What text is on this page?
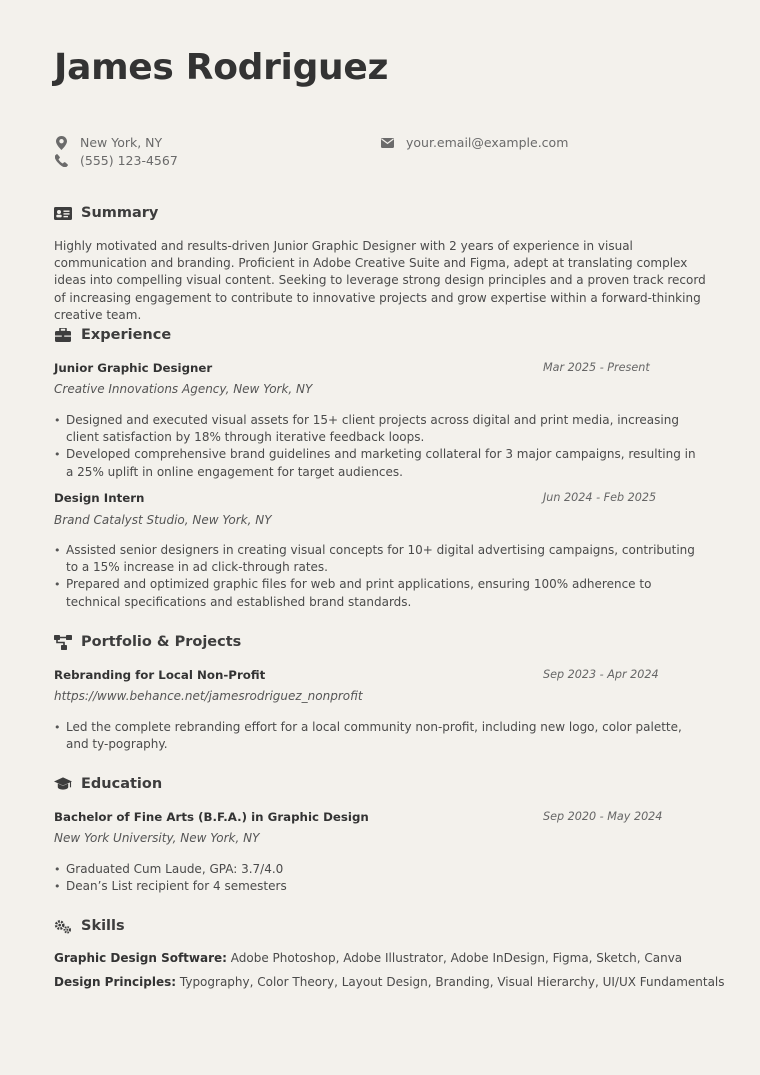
James Rodriguez
New York, NY
(555) 123-4567
your.email@example.com
Summary
Highly motivated and results-driven Junior Graphic Designer with 2 years of experience in visual communication and branding. Proficient in Adobe Creative Suite and Figma, adept at translating complex ideas into compelling visual content. Seeking to leverage strong design principles and a proven track record of increasing engagement to contribute to innovative projects and grow expertise within a forward-thinking creative team.
Experience
Junior Graphic Designer	Mar 2025 - Present
Creative Innovations Agency, New York, NY
• Designed and executed visual assets for 15+ client projects across digital and print media, increasing client satisfaction by 18% through iterative feedback loops.
• Developed comprehensive brand guidelines and marketing collateral for 3 major campaigns, resulting in a 25% uplift in online engagement for target audiences.
Design Intern	Jun 2024 - Feb 2025
Brand Catalyst Studio, New York, NY
• Assisted senior designers in creating visual concepts for 10+ digital advertising campaigns, contributing to a 15% increase in ad click-through rates.
• Prepared and optimized graphic files for web and print applications, ensuring 100% adherence to technical specifications and established brand standards.
Portfolio & Projects
Rebranding for Local Non-Profit	Sep 2023 - Apr 2024
https://www.behance.net/jamesrodriguez_nonprofit
• Led the complete rebranding effort for a local community non-profit, including new logo, color palette, and ty-pography.
Education
Bachelor of Fine Arts (B.F.A.) in Graphic Design	Sep 2020 - May 2024
New York University, New York, NY
• Graduated Cum Laude, GPA: 3.7/4.0
• Dean’s List recipient for 4 semesters
Skills
Graphic Design Software: Adobe Photoshop, Adobe Illustrator, Adobe InDesign, Figma, Sketch, Canva
Design Principles: Typography, Color Theory, Layout Design, Branding, Visual Hierarchy, UI/UX Fundamentals
